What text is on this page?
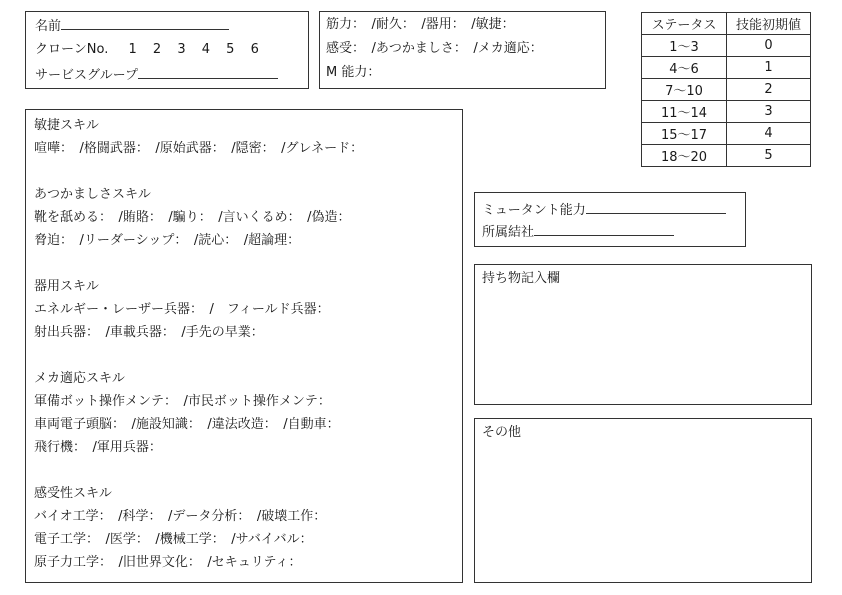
名前
クローンNo. 1 2 3 4 5 6
サービスグループ
筋力：　/耐久：　/器用：　/敏捷：
感受：　/あつかましさ：　/メカ適応：
M 能力：
ステータス	技能初期値
1～3	0
4～6	1
7～10	2
11～14	3
15～17	4
18～20	5
敏捷スキル
喧嘩：　/格闘武器：　/原始武器：　/隠密：　/グレネード：
あつかましさスキル
靴を舐める：　/賄賂：　/騙り：　/言いくるめ：　/偽造：
脅迫：　/リーダーシップ：　/読心：　/超論理：
器用スキル
エネルギー・レーザー兵器：　/　フィールド兵器：
射出兵器：　/車載兵器：　/手先の早業：
メカ適応スキル
軍備ボット操作メンテ：　/市民ボット操作メンテ：
車両電子頭脳：　/施設知識：　/違法改造：　/自動車：
飛行機：　/軍用兵器：
感受性スキル
バイオ工学：　/科学：　/データ分析：　/破壊工作：
電子工学：　/医学：　/機械工学：　/サバイバル：
原子力工学：　/旧世界文化：　/セキュリティ：
ミュータント能力
所属結社
持ち物記入欄
その他
